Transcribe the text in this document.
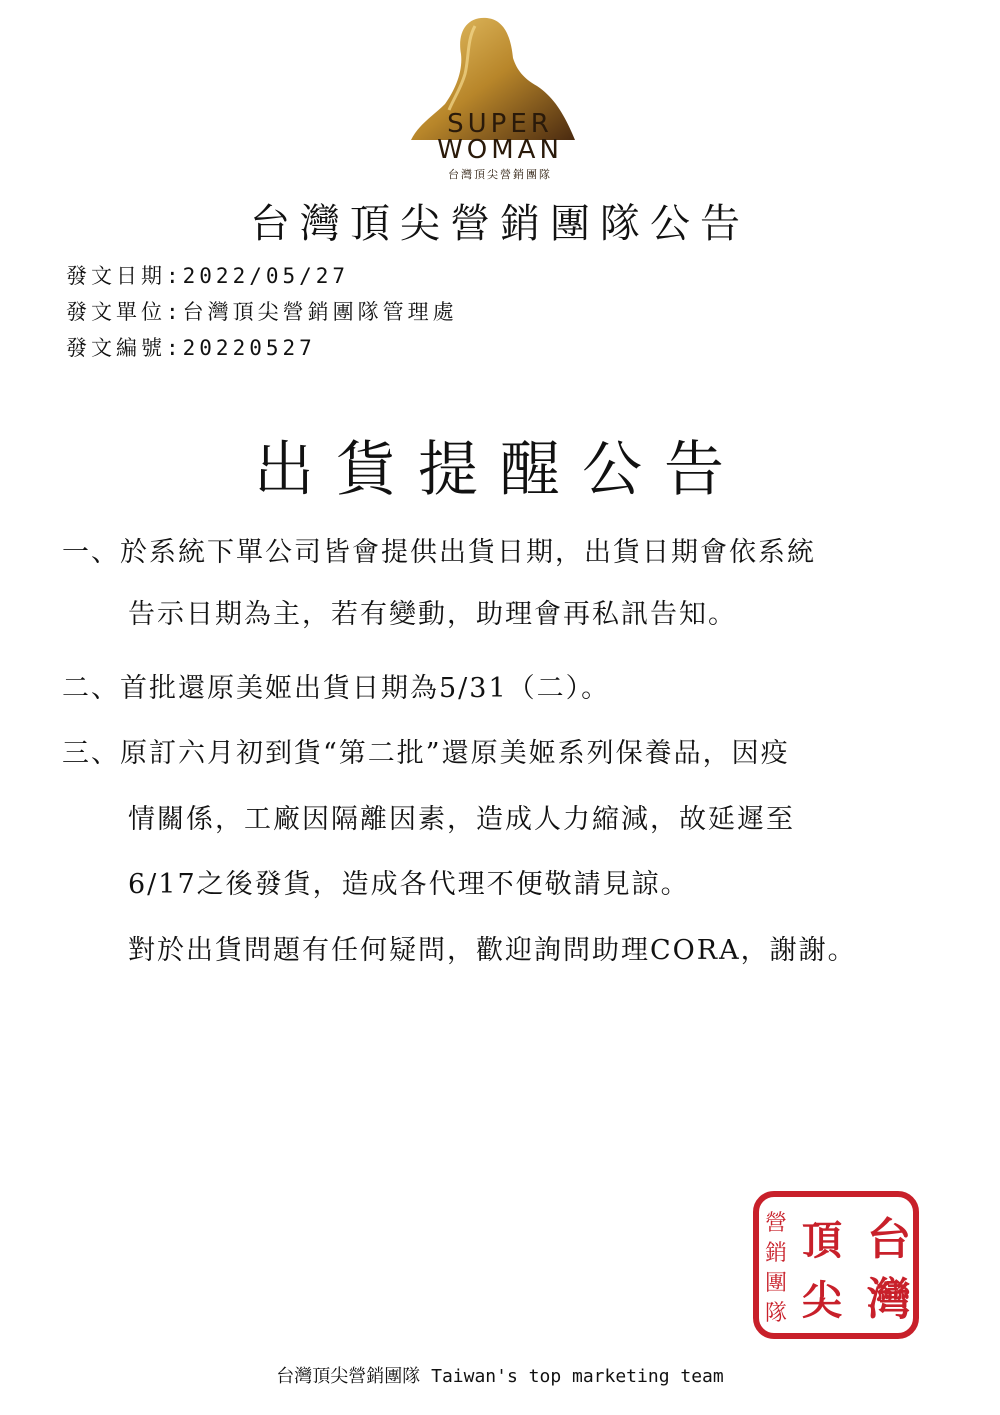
SUPER
WOMAN
台灣頂尖營銷團隊
台灣頂尖營銷團隊公告
發文日期:2022/05/27
發文單位:台灣頂尖營銷團隊管理處
發文編號:20220527
出貨提醒公告
一、於系統下單公司皆會提供出貨日期，出貨日期會依系統
告示日期為主，若有變動，助理會再私訊告知。
二、首批還原美姬出貨日期為5/31（二）。
三、原訂六月初到貨“第二批”還原美姬系列保養品，因疫
情關係，工廠因隔離因素，造成人力縮減，故延遲至
6/17之後發貨，造成各代理不便敬請見諒。
對於出貨問題有任何疑問，歡迎詢問助理CORA，謝謝。
台
灣
頂
尖
營
銷
團
隊
台灣頂尖營銷團隊 Taiwan's top marketing team
